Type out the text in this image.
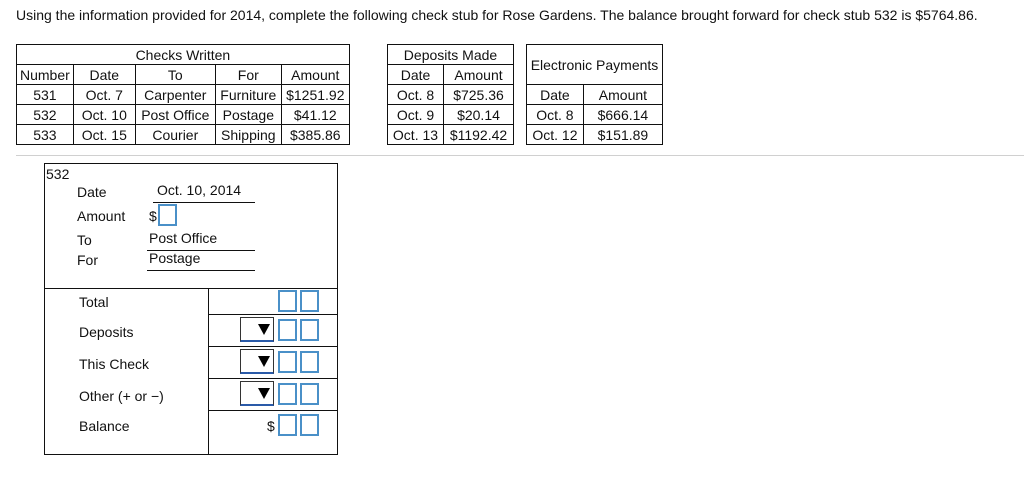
Using the information provided for 2014, complete the following check stub for Rose Gardens. The balance brought forward for check stub 532 is $5764.86.

Checks Written				
Number	Date	To	For	Amount
531	Oct. 7	Carpenter	Furniture	$1251.92
532	Oct. 10	Post Office	Postage	$41.12
533	Oct. 15	Courier	Shipping	$385.86
Deposits Made	
Date	Amount
Oct. 8	$725.36
Oct. 9	$20.14
Oct. 13	$1192.42
Electronic Payments	
Date	Amount
Oct. 8	$666.14
Oct. 12	$151.89
532
Date	Oct. 10, 2014
Amount $
To	Post Office
For	Postage
Total
Deposits
This Check
Other (+ or −)
Balance	$
